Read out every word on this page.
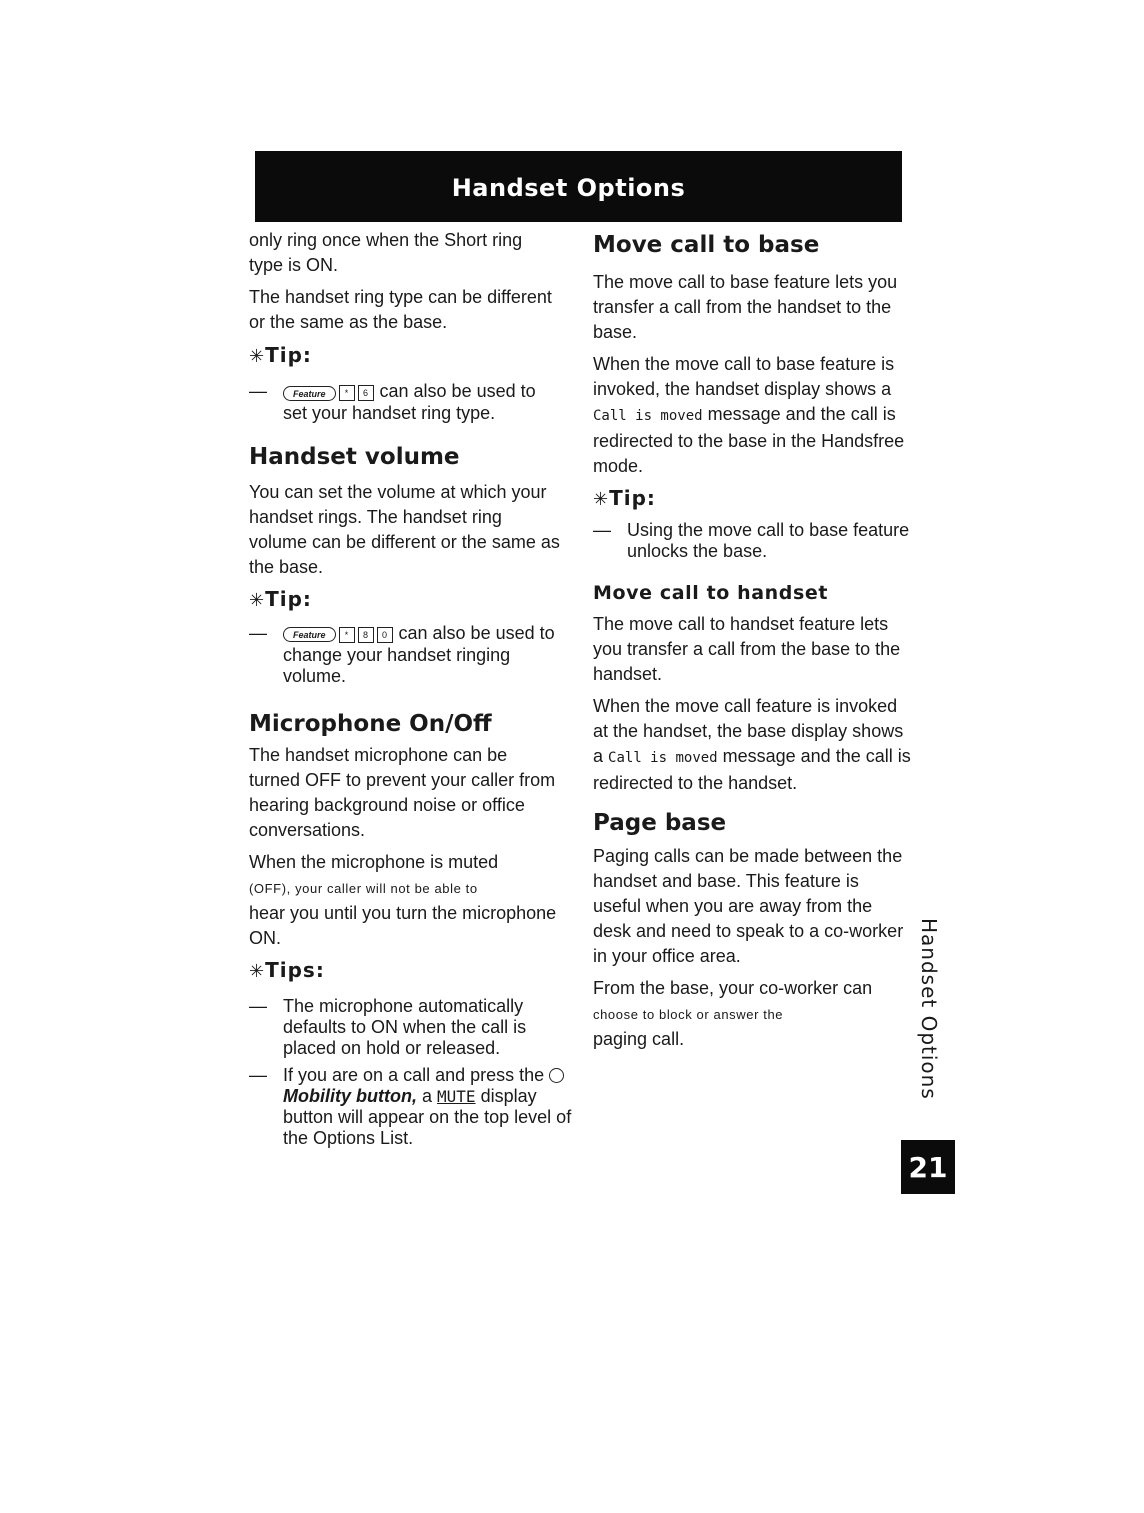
Handset Options

only ring once when the Short ring type is ON.

The handset ring type can be different or the same as the base.

✳Tip:
—	Feature * 6 can also be used to set your handset ring type.
Handset volume

You can set the volume at which your handset rings. The handset ring volume can be different or the same as the base.

✳Tip:
—	Feature * 8 0 can also be used to change your handset ringing volume.
Microphone On/Off

The handset microphone can be turned OFF to prevent your caller from hearing background noise or office conversations.

When the microphone is muted
(OFF), your caller will not be able to
hear you until you turn the microphone ON.

✳Tips:
— The microphone automatically defaults to ON when the call is placed on hold or released.
— If you are on a call and press the  Mobility button, a MUTE display button will appear on the top level of the Options List.
Move call to base

The move call to base feature lets you transfer a call from the handset to the base.

When the move call to base feature is invoked, the handset display shows a Call is moved message and the call is redirected to the base in the Handsfree mode.

✳Tip:
— Using the move call to base feature unlocks the base.
Move call to handset

The move call to handset feature lets you transfer a call from the base to the handset.

When the move call feature is invoked at the handset, the base display shows a Call is moved message and the call is redirected to the handset.

Page base

Paging calls can be made between the handset and base. This feature is useful when you are away from the desk and need to speak to a co-worker in your office area.

From the base, your co-worker can
choose to block or answer the
paging call.	Handset Options
21
